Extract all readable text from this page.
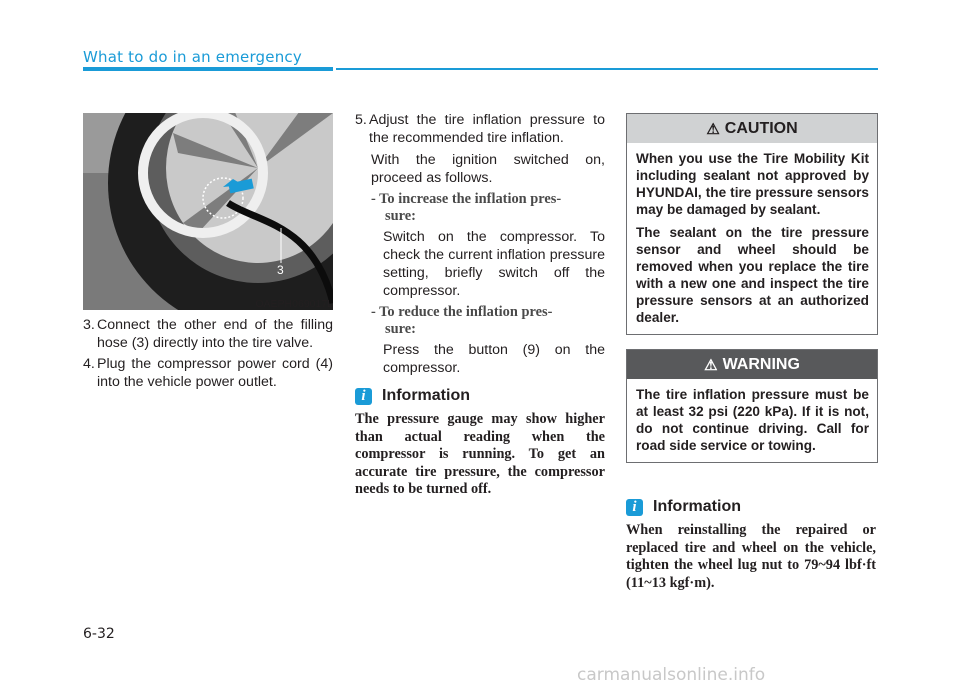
What to do in an emergency
3
OAEPH069017L
3. Connect the other end of the filling hose (3) directly into the tire valve.
4. Plug the compressor power cord (4) into the vehicle power outlet.
5. Adjust the tire inflation pressure to the recommended tire inflation.
With the ignition switched on, proceed as follows.
- To increase the inflation pres-
sure:
Switch on the compressor. To check the current inflation pressure setting, briefly switch off the compressor.
- To reduce the inflation pres-
sure:
Press the button (9) on the compressor.
i	Information
The pressure gauge may show higher than actual reading when the compressor is running. To get an accurate tire pressure, the compressor needs to be turned off.
⚠ CAUTION

When you use the Tire Mobility Kit including sealant not approved by HYUNDAI, the tire pressure sensors may be damaged by sealant.

The sealant on the tire pressure sensor and wheel should be removed when you replace the tire with a new one and inspect the tire pressure sensors at an authorized dealer.

⚠ WARNING

The tire inflation pressure must be at least 32 psi (220 kPa). If it is not, do not continue driving. Call for road side service or towing.

i	Information
When reinstalling the repaired or replaced tire and wheel on the vehicle, tighten the wheel lug nut to 79~94 lbf·ft (11~13 kgf·m).
6-32
carmanualsonline.info
